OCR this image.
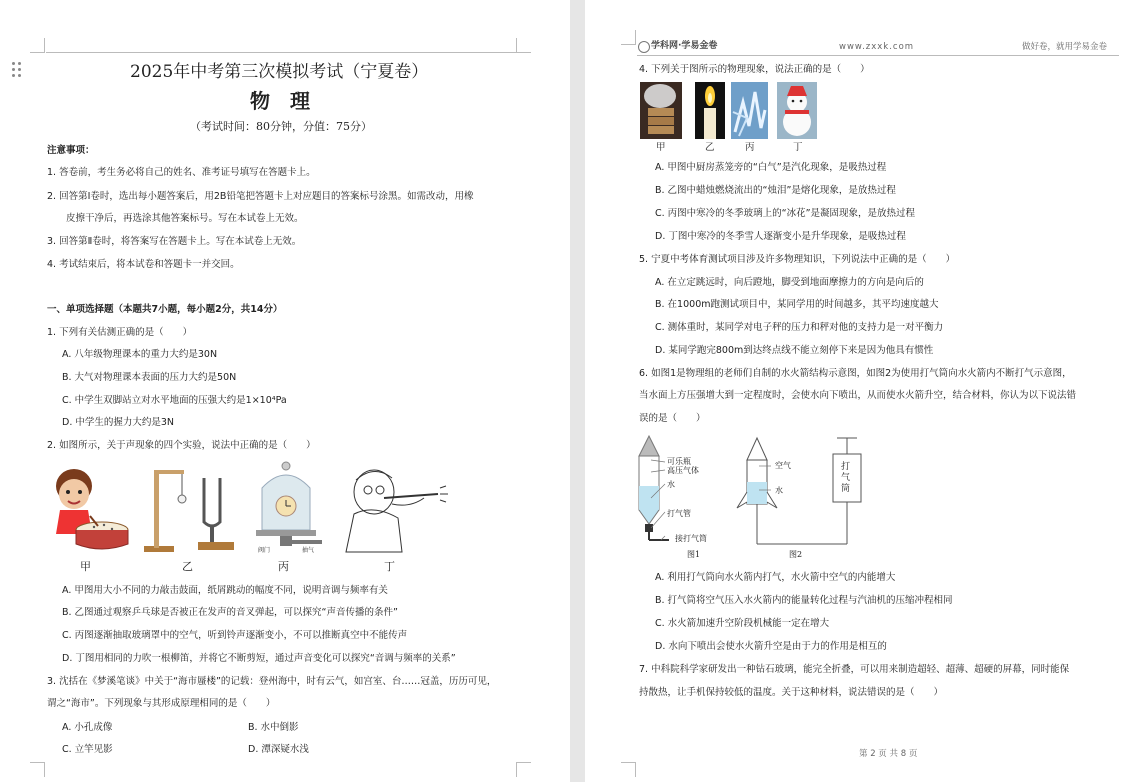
2025年中考第三次模拟考试（宁夏卷）
物　理
（考试时间：80分钟，分值：75分）
注意事项：
1. 答卷前，考生务必将自己的姓名、准考证号填写在答题卡上。
2. 回答第Ⅰ卷时，选出每小题答案后，用2B铅笔把答题卡上对应题目的答案标号涂黑。如需改动，用橡
皮擦干净后，再选涂其他答案标号。写在本试卷上无效。
3. 回答第Ⅱ卷时，将答案写在答题卡上。写在本试卷上无效。
4. 考试结束后，将本试卷和答题卡一并交回。
一、单项选择题（本题共7小题，每小题2分，共14分）
1. 下列有关估测正确的是（　　）
A. 八年级物理课本的重力大约是30N
B. 大气对物理课本表面的压力大约是50N
C. 中学生双脚站立对水平地面的压强大约是1×10⁴Pa
D. 中学生的握力大约是3N
2. 如图所示，关于声现象的四个实验，说法中正确的是（　　）
阀门	抽气
甲	乙	丙	丁
A. 甲图用大小不同的力敲击鼓面，纸屑跳动的幅度不同，说明音调与频率有关
B. 乙图通过观察乒乓球是否被正在发声的音叉弹起，可以探究“声音传播的条件”
C. 丙图逐渐抽取玻璃罩中的空气，听到铃声逐渐变小，不可以推断真空中不能传声
D. 丁图用相同的力吹一根柳笛，并将它不断剪短，通过声音变化可以探究“音调与频率的关系”
3. 沈括在《梦溪笔谈》中关于“海市蜃楼”的记载：登州海中，时有云气，如宫室、台……冠盖，历历可见，
谓之“海市”。下列现象与其形成原理相同的是（　　）
A. 小孔成像	B. 水中倒影
C. 立竿见影	D. 潭深疑水浅
学科网·学易金卷	www.zxxk.com	做好卷，就用学易金卷
4. 下列关于图所示的物理现象，说法正确的是（　　）
甲	乙	丙	丁
A. 甲图中厨房蒸笼旁的“白气”是汽化现象，是吸热过程
B. 乙图中蜡烛燃烧流出的“烛泪”是熔化现象，是放热过程
C. 丙图中寒冷的冬季玻璃上的“冰花”是凝固现象，是放热过程
D. 丁图中寒冷的冬季雪人逐渐变小是升华现象，是吸热过程
5. 宁夏中考体育测试项目涉及许多物理知识，下列说法中正确的是（　　）
A. 在立定跳远时，向后蹬地，脚受到地面摩擦力的方向是向后的
B. 在1000m跑测试项目中，某同学用的时间越多，其平均速度越大
C. 测体重时，某同学对电子秤的压力和秤对他的支持力是一对平衡力
D. 某同学跑完800m到达终点线不能立刻停下来是因为他具有惯性
6. 如图1是物理组的老师们自制的水火箭结构示意图，如图2为使用打气筒向水火箭内不断打气示意图，
当水面上方压强增大到一定程度时，会使水向下喷出，从而使水火箭升空，结合材料，你认为以下说法错
误的是（　　）
可乐瓶
高压气体
水
打气管
接打气筒
图1
空气
水
打气筒
图2
A. 利用打气筒向水火箭内打气，水火箭中空气的内能增大
B. 打气筒将空气压入水火箭内的能量转化过程与汽油机的压缩冲程相同
C. 水火箭加速升空阶段机械能一定在增大
D. 水向下喷出会使水火箭升空是由于力的作用是相互的
7. 中科院科学家研发出一种钻石玻璃，能完全折叠，可以用来制造超轻、超薄、超硬的屏幕，同时能保
持散热，让手机保持较低的温度。关于这种材料，说法错误的是（　　）
第 2 页 共 8 页
